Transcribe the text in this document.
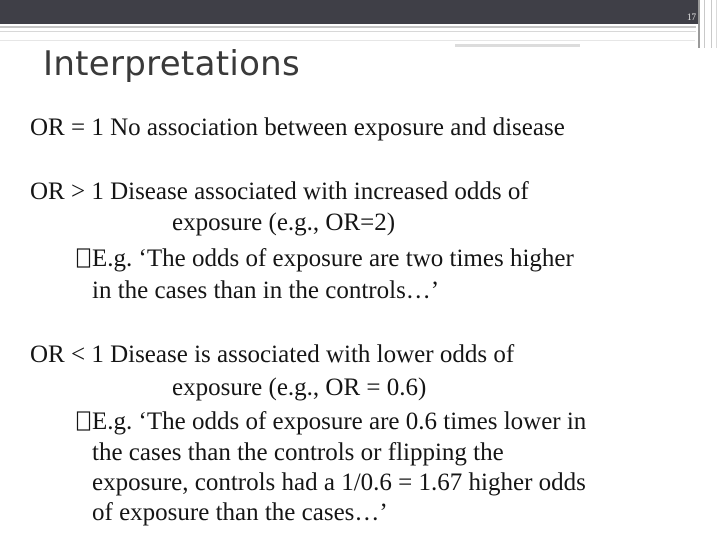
17
Interpretations
OR = 1 No association between exposure and disease
OR > 1 Disease associated with increased odds of
exposure (e.g., OR=2)
E.g. ‘The odds of exposure are two times higher
in the cases than in the controls…’
OR < 1 Disease is associated with lower odds of
exposure (e.g., OR = 0.6)
E.g. ‘The odds of exposure are 0.6 times lower in
the cases than the controls or flipping the
exposure, controls had a 1/0.6 = 1.67 higher odds
of exposure than the cases…’
